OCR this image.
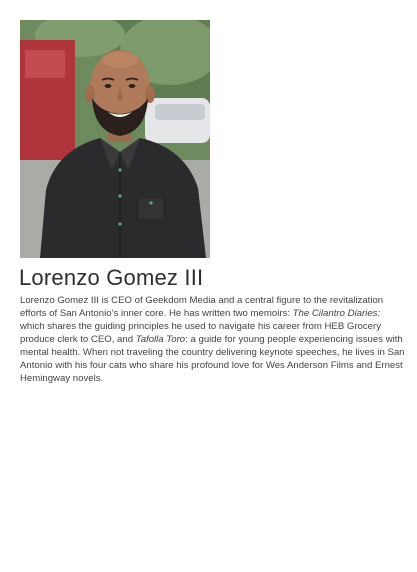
Lorenzo Gomez III

Lorenzo Gomez III is CEO of Geekdom Media and a central figure to the revitalization efforts of San Antonio’s inner core. He has written two memoirs: The Cilantro Diaries: which shares the guiding principles he used to navigate his career from HEB Grocery produce clerk to CEO, and Tafolla Toro: a guide for young people experiencing issues with mental health. When not traveling the country delivering keynote speeches, he lives in San Antonio with his four cats who share his profound love for Wes Anderson Films and Ernest Hemingway novels.
